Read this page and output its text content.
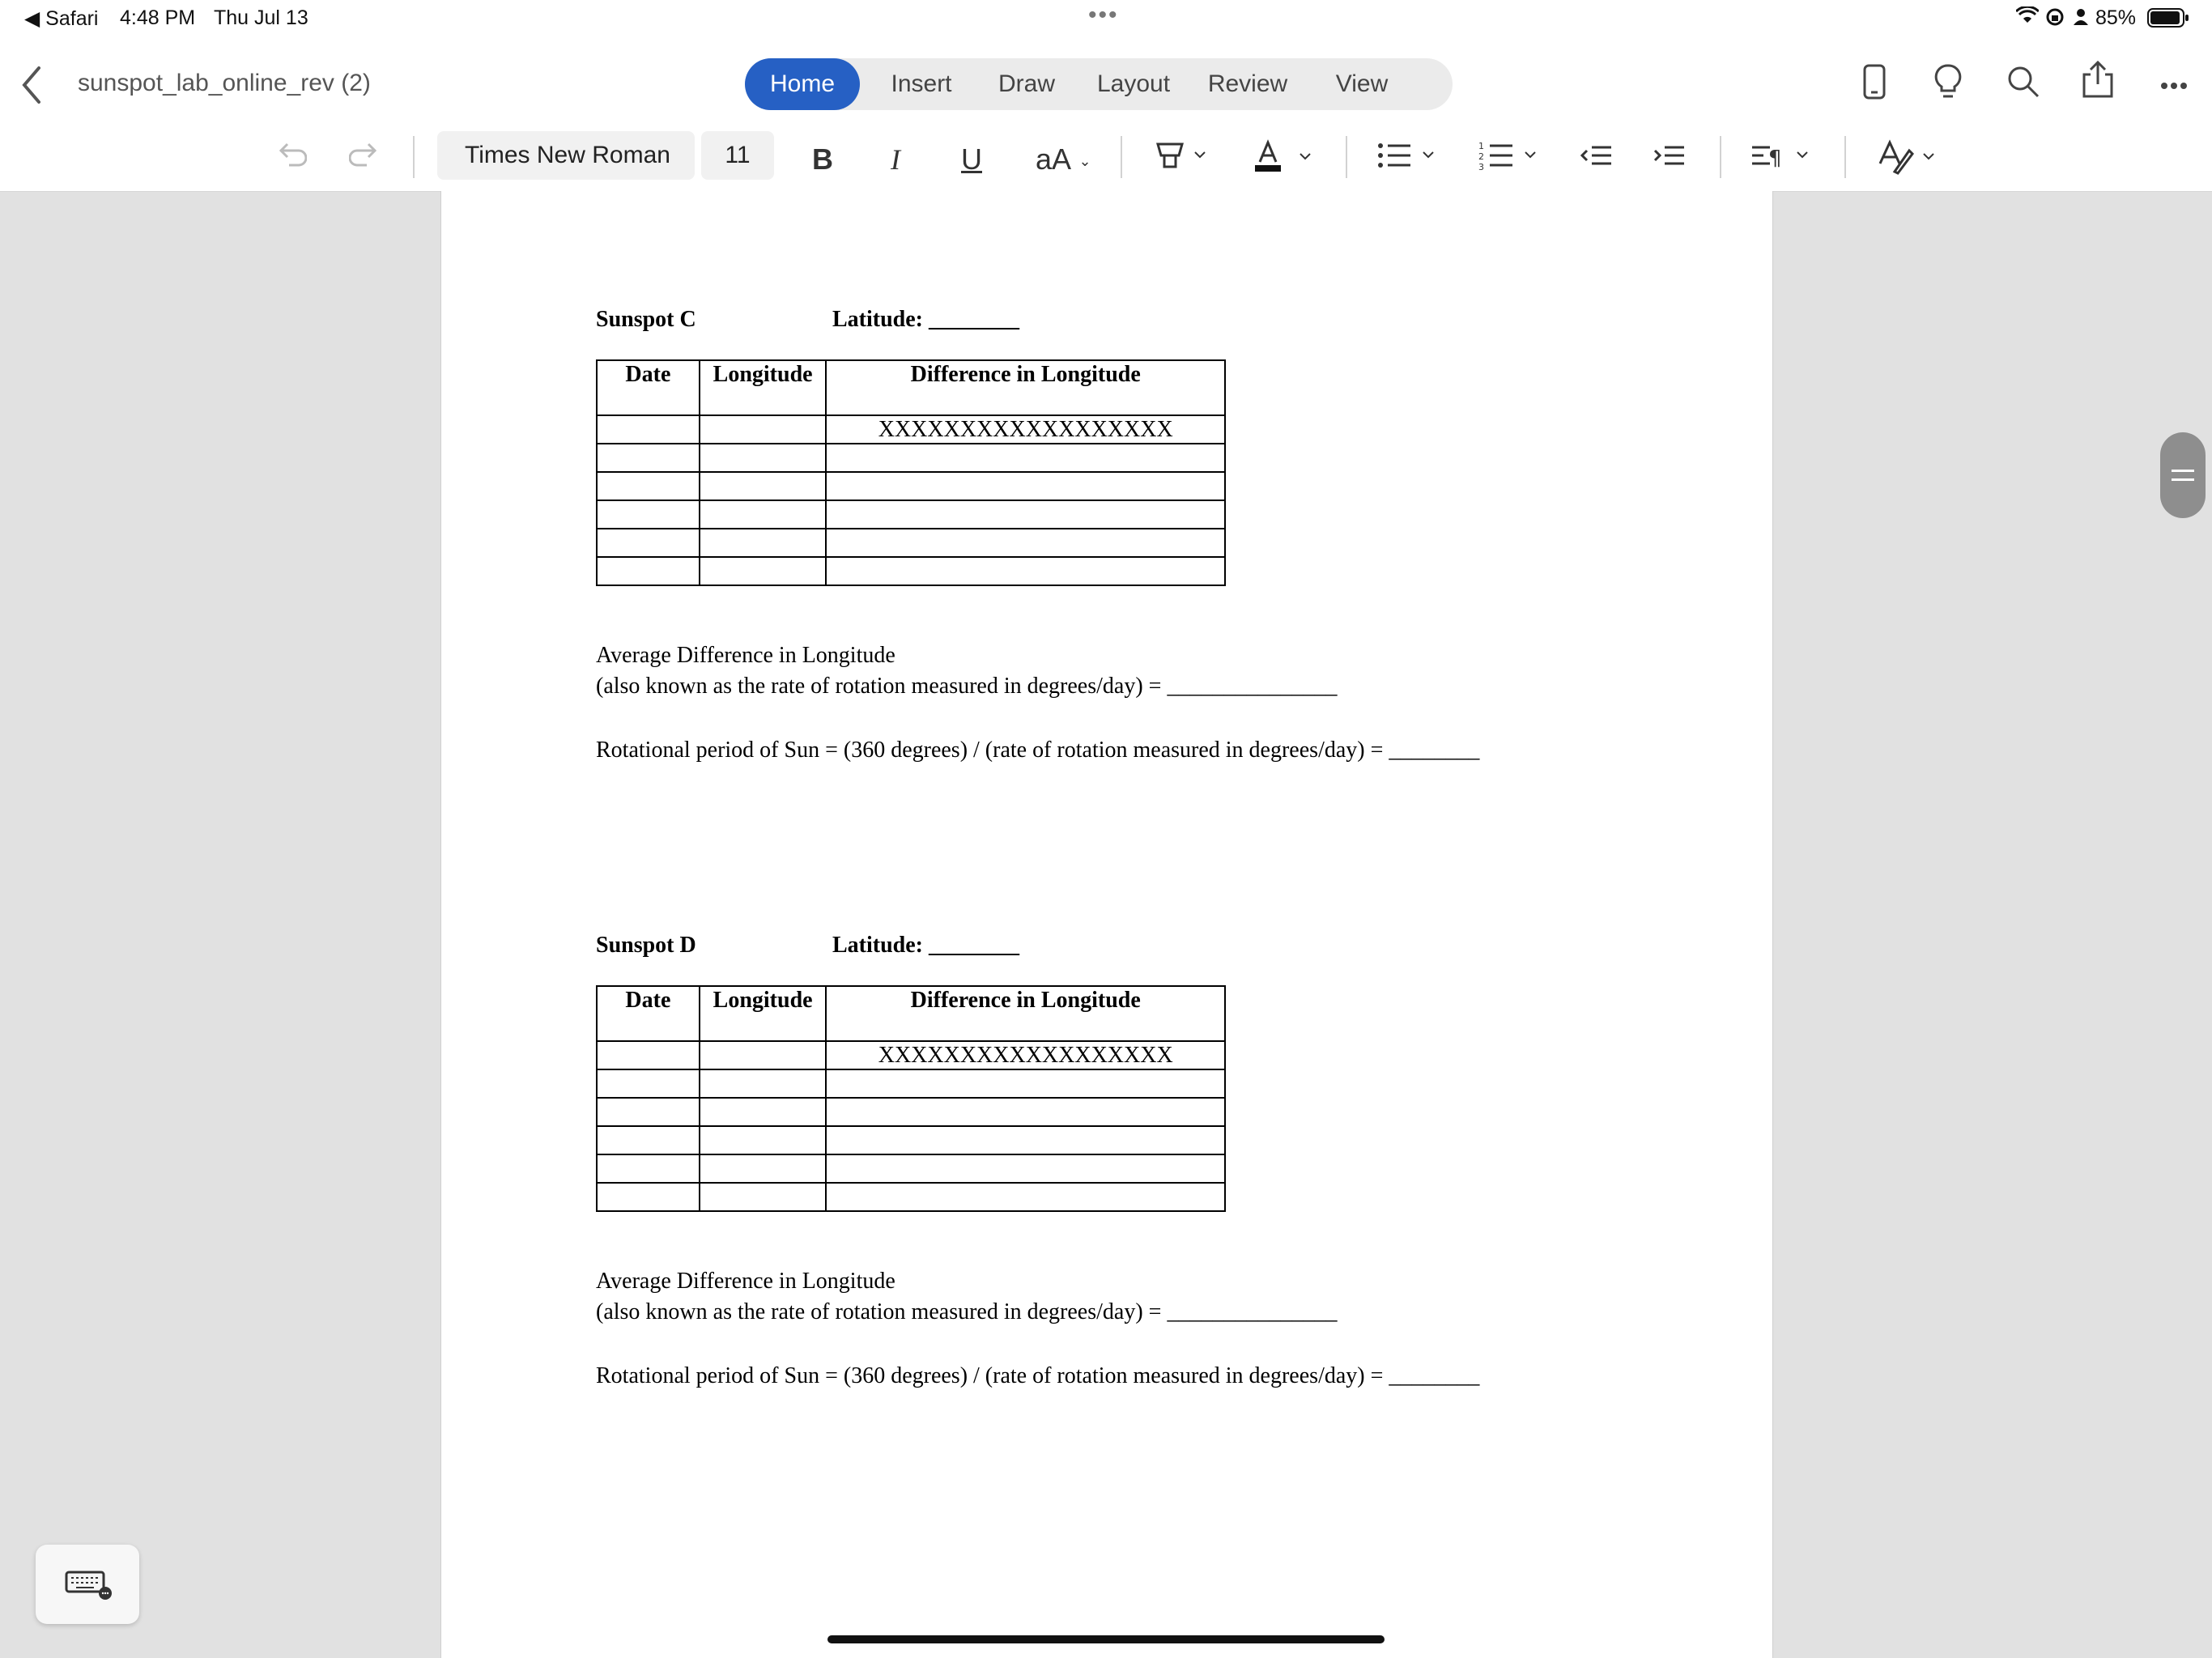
◀ Safari 4:48 PM Thu Jul 13	•••	85%
sunspot_lab_online_rev (2)	Home	Insert	Draw	Layout	Review	View
Times New Roman	11	B	I	U	aA ⌄
1
2
3	¶
Sunspot C	Latitude: ________
Date	Longitude	Difference in Longitude
		XXXXXXXXXXXXXXXXXX

Average Difference in Longitude
(also known as the rate of rotation measured in degrees/day) = _______________
Rotational period of Sun = (360 degrees) / (rate of rotation measured in degrees/day) = ________
Sunspot D	Latitude: ________
Date	Longitude	Difference in Longitude
		XXXXXXXXXXXXXXXXXX

Average Difference in Longitude
(also known as the rate of rotation measured in degrees/day) = _______________
Rotational period of Sun = (360 degrees) / (rate of rotation measured in degrees/day) = ________
